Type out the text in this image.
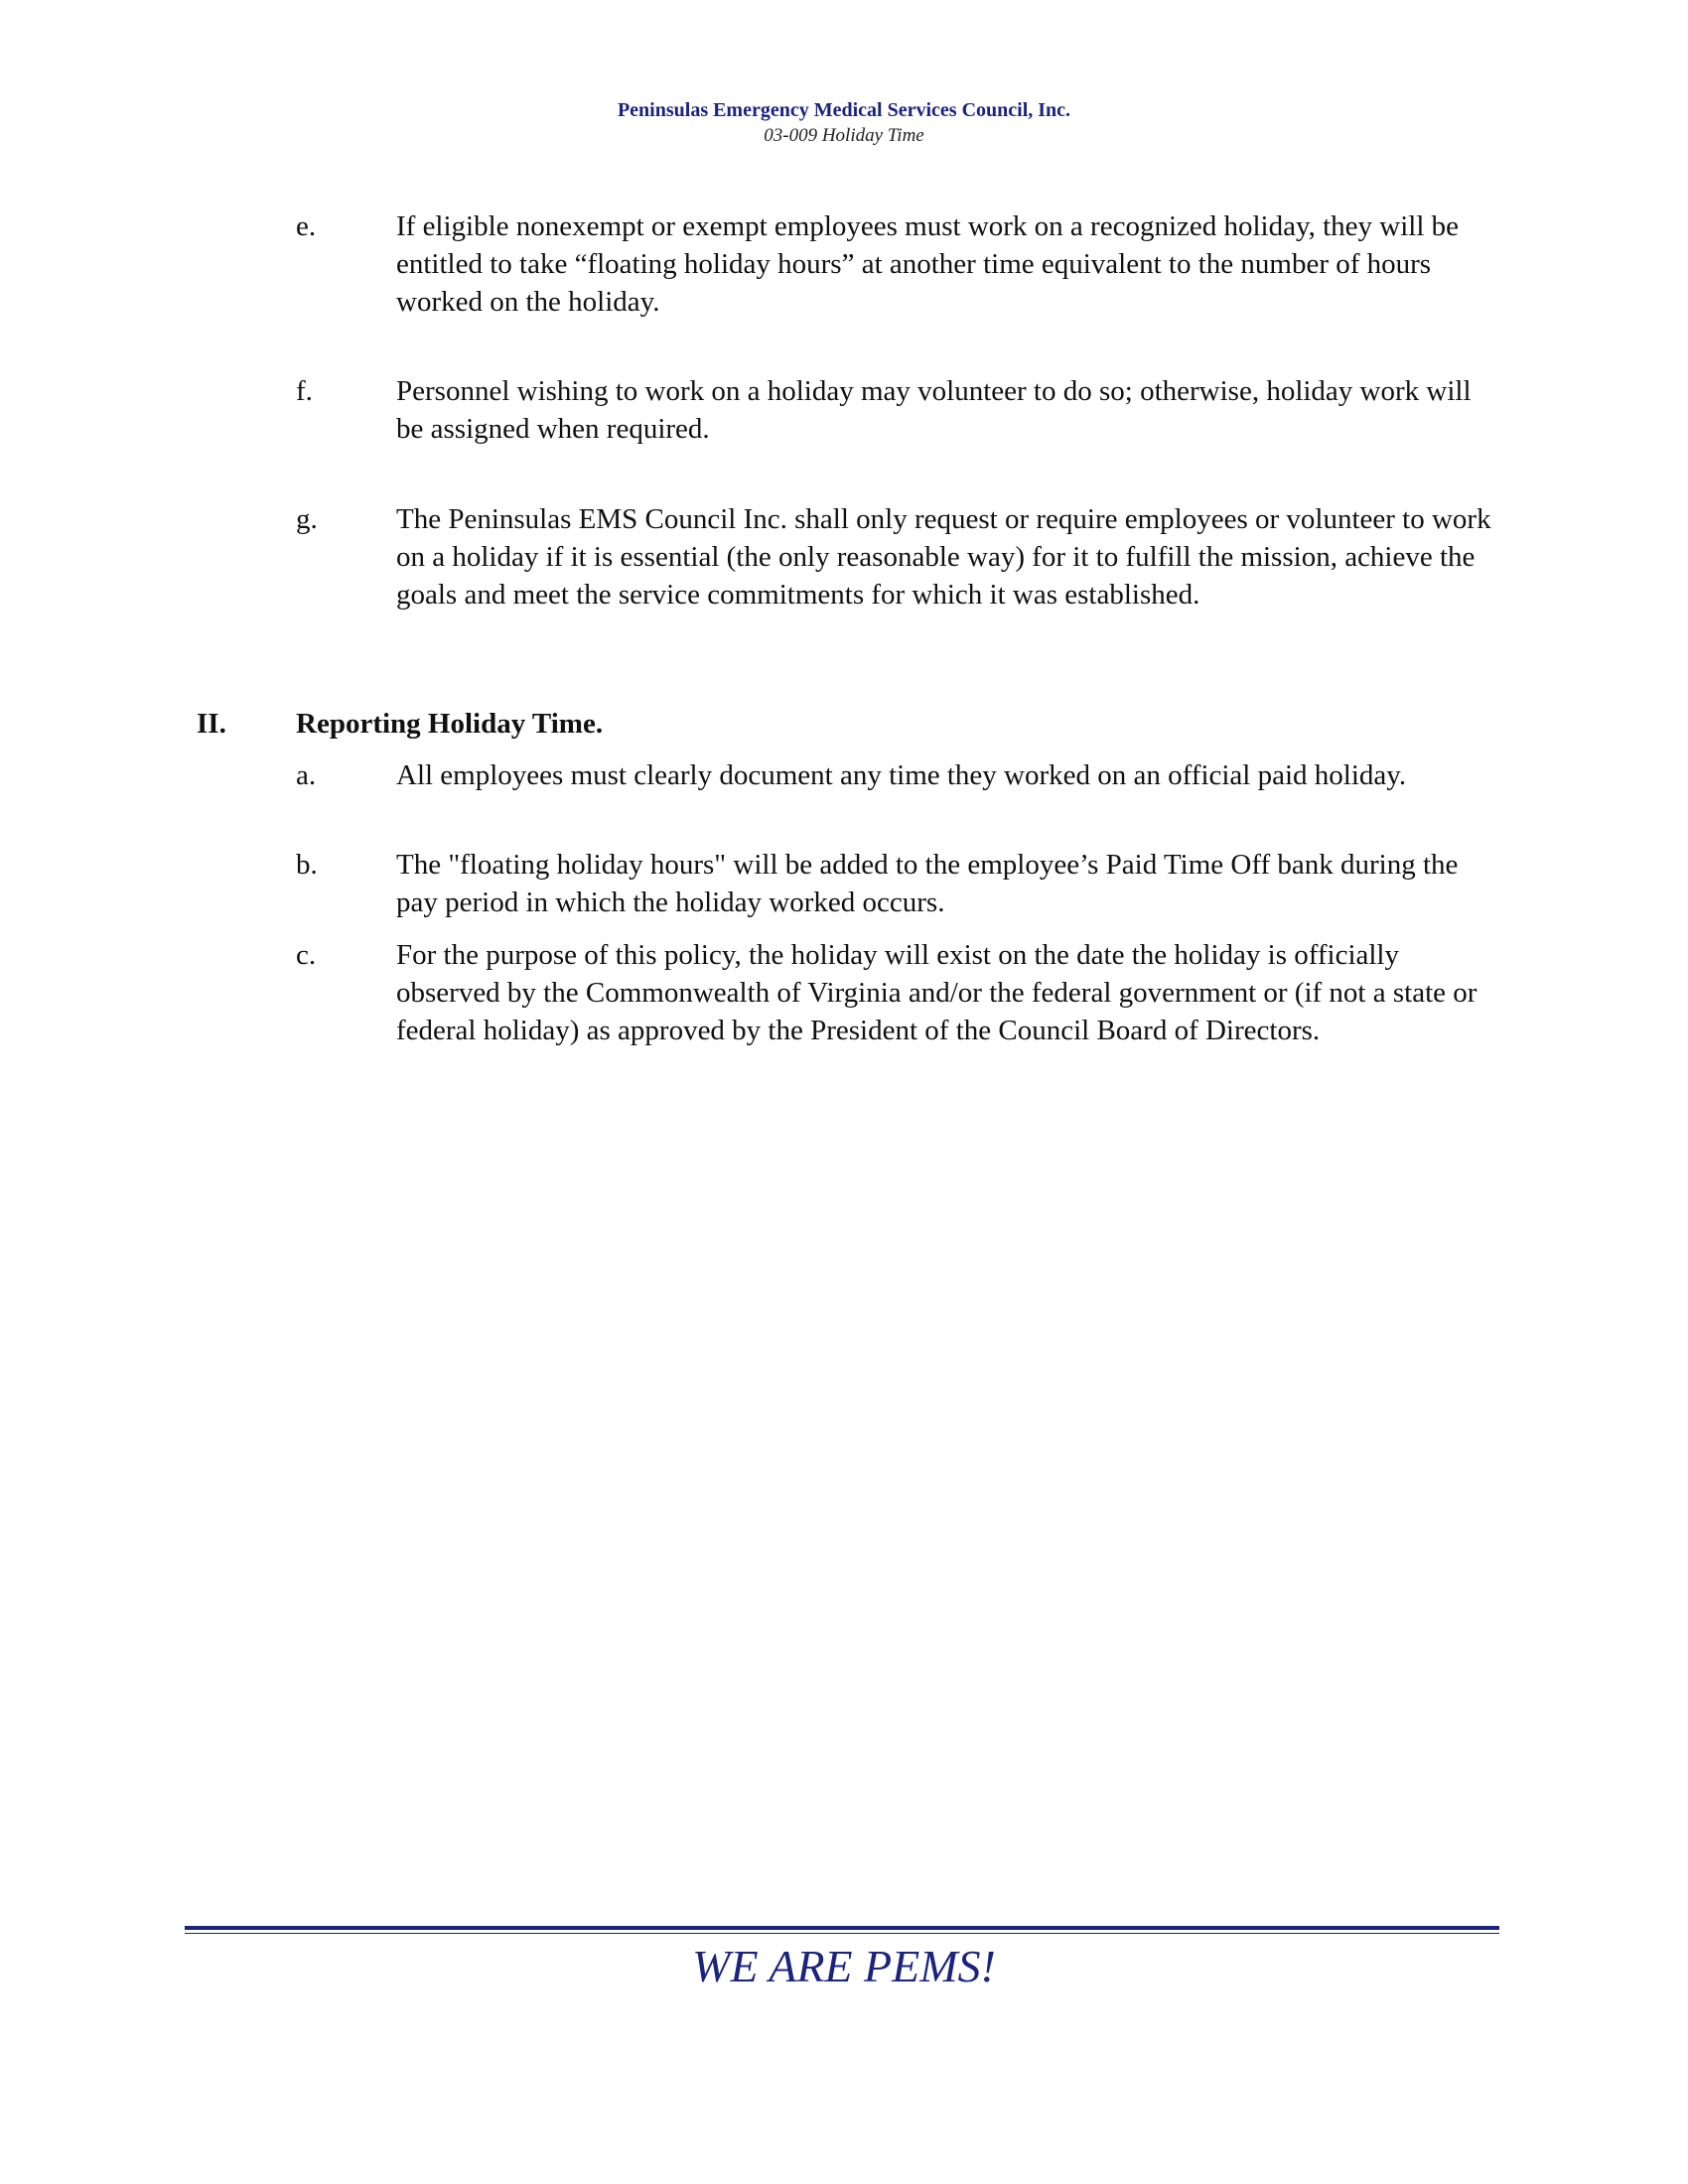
Peninsulas Emergency Medical Services Council, Inc.
03-009 Holiday Time
e.	If eligible nonexempt or exempt employees must work on a recognized holiday, they will be entitled to take “floating holiday hours” at another time equivalent to the number of hours worked on the holiday.
f.	Personnel wishing to work on a holiday may volunteer to do so; otherwise, holiday work will be assigned when required.
g.	The Peninsulas EMS Council Inc. shall only request or require employees or volunteer to work on a holiday if it is essential (the only reasonable way) for it to fulfill the mission, achieve the goals and meet the service commitments for which it was established.
II. Reporting Holiday Time.
a.	All employees must clearly document any time they worked on an official paid holiday.
b.	The "floating holiday hours" will be added to the employee’s Paid Time Off bank during the pay period in which the holiday worked occurs.
c.	For the purpose of this policy, the holiday will exist on the date the holiday is officially observed by the Commonwealth of Virginia and/or the federal government or (if not a state or federal holiday) as approved by the President of the Council Board of Directors.
WE ARE PEMS!
